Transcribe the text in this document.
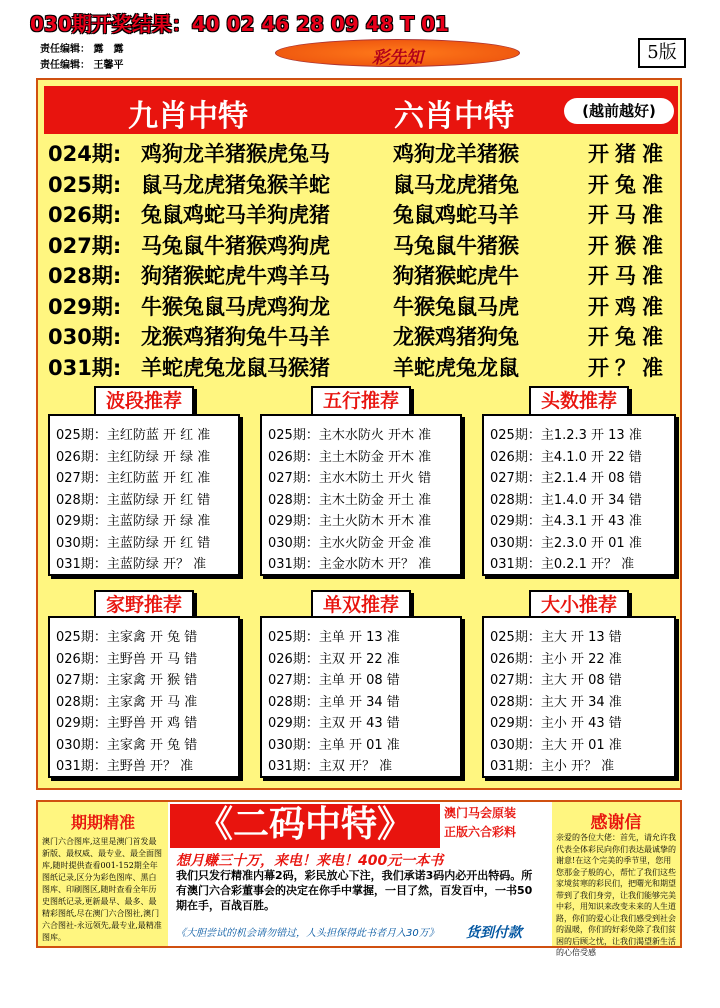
030期开奖结果：40 02 46 28 09 48 T 01
责任编辑： 露　露
责任编辑： 王馨平	彩先知	5版
九肖中特	六肖中特	(越前越好)
024期: 鸡狗龙羊猪猴虎兔马	鸡狗龙羊猪猴	开猪准
025期: 鼠马龙虎猪兔猴羊蛇	鼠马龙虎猪兔	开兔准
026期: 兔鼠鸡蛇马羊狗虎猪	兔鼠鸡蛇马羊	开马准
027期: 马兔鼠牛猪猴鸡狗虎	马兔鼠牛猪猴	开猴准
028期: 狗猪猴蛇虎牛鸡羊马	狗猪猴蛇虎牛	开马准
029期: 牛猴兔鼠马虎鸡狗龙	牛猴兔鼠马虎	开鸡准
030期: 龙猴鸡猪狗兔牛马羊	龙猴鸡猪狗兔	开兔准
031期: 羊蛇虎兔龙鼠马猴猪	羊蛇虎兔龙鼠	开？准
波段推荐
025期：主红防蓝 开 红 准
026期：主红防绿 开 绿 准
027期：主红防蓝 开 红 准
028期：主蓝防绿 开 红 错
029期：主蓝防绿 开 绿 准
030期：主蓝防绿 开 红 错
031期：主蓝防绿 开？ 准
五行推荐
025期：主木水防火 开木 准
026期：主土木防金 开木 准
027期：主水木防土 开火 错
028期：主木土防金 开土 准
029期：主土火防木 开木 准
030期：主水火防金 开金 准
031期：主金水防木 开？ 准
头数推荐
025期：主1.2.3 开 13 准
026期：主4.1.0 开 22 错
027期：主2.1.4 开 08 错
028期：主1.4.0 开 34 错
029期：主4.3.1 开 43 准
030期：主2.3.0 开 01 准
031期：主0.2.1 开？ 准
家野推荐
025期：主家禽 开 兔 错
026期：主野兽 开 马 错
027期：主家禽 开 猴 错
028期：主家禽 开 马 准
029期：主野兽 开 鸡 错
030期：主家禽 开 兔 错
031期：主野兽 开？ 准
单双推荐
025期：主单 开 13 准
026期：主双 开 22 准
027期：主单 开 08 错
028期：主单 开 34 错
029期：主双 开 43 错
030期：主单 开 01 准
031期：主双 开？ 准
大小推荐
025期：主大 开 13 错
026期：主小 开 22 准
027期：主大 开 08 错
028期：主大 开 34 准
029期：主小 开 43 错
030期：主大 开 01 准
031期：主小 开？ 准
期期精准
澳门六合图库,这里是澳门首发最新版、最权威、最专业、最全面图库,随时提供查看001-152期全年图纸记录,区分为彩色图库、黑白图库、印刷图区,随时查看全年历史图纸记录,更新最早、最多、最精彩图纸,尽在澳门六合图社,澳门六合图社-永远领先,最专业,最精准图库。
《二码中特》	澳门马会原装
正版六合彩料
想月赚三十万，来电！来电！400元一本书
我们只发行精准内幕2码，彩民放心下注，我们承诺3码内必开出特码。所有澳门六合彩董事会的决定在你手中掌握，一目了然，百发百中，一书50期在手，百战百胜。
《大胆尝试的机会请勿错过，人头担保得此书者月入30万》 货到付款
感谢信
亲爱的各位大佬：首先，请允许我代表全体彩民向你们表达最诚挚的谢意!在这个完美的季节里，您用您那金子般的心，帮忙了我们这些家境贫寒的彩民们，把曙光和期望带到了我们身旁，让我们能够完美中彩，用知识来改变未来的人生道路，你们的爱心让我们感受到社会的温暖，你们的好彩免除了我们贫困的后顾之忧，让我们渴望新生活的心倍受感
